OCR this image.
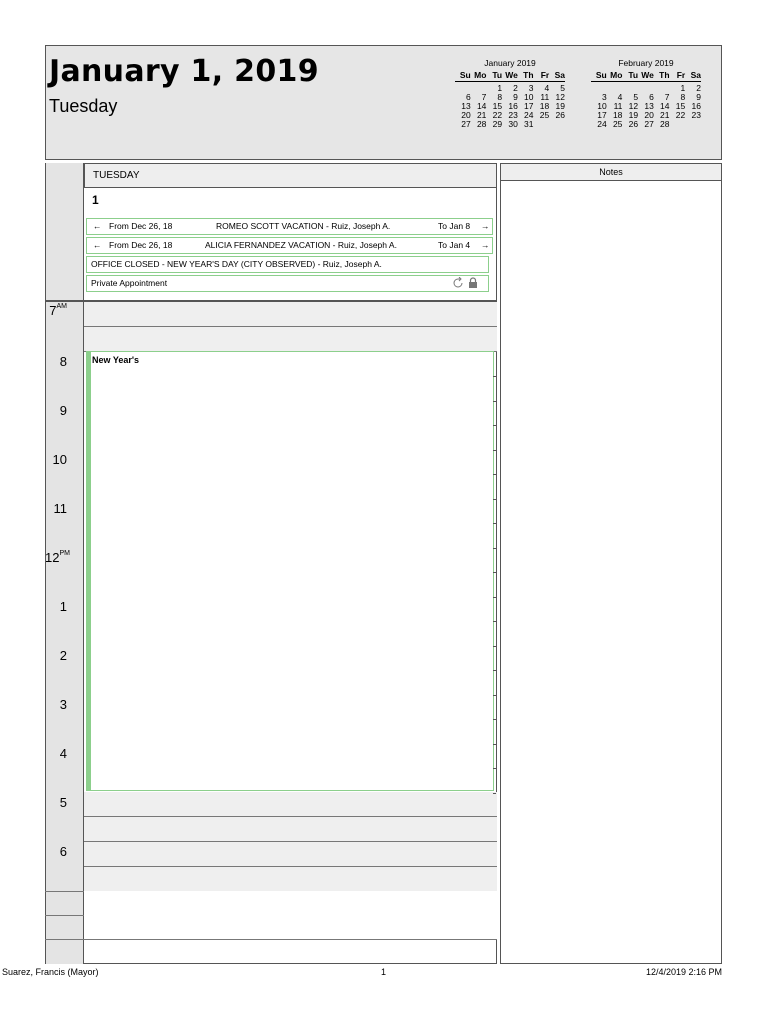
January 1, 2019
Tuesday
January 2019
Su	Mo	Tu	We	Th	Fr	Sa
		1	2	3	4	5
6	7	8	9	10	11	12
13	14	15	16	17	18	19
20	21	22	23	24	25	26
27	28	29	30	31		
February 2019
Su	Mo	Tu	We	Th	Fr	Sa
					1	2
3	4	5	6	7	8	9
10	11	12	13	14	15	16
17	18	19	20	21	22	23
24	25	26	27	28		
TUESDAY
1
← From Dec 26, 18	ROMEO SCOTT VACATION - Ruiz, Joseph A.	To Jan 8 →
← From Dec 26, 18	ALICIA FERNANDEZ VACATION - Ruiz, Joseph A.	To Jan 4 →
OFFICE CLOSED - NEW YEAR'S DAY (CITY OBSERVED) - Ruiz, Joseph A.
Private Appointment
New Year's
$7^{AM}$
8
9
10
11
$12^{PM}$
1
2
3
4
5
6
Notes
Suarez, Francis (Mayor)	1	12/4/2019 2:16 PM
